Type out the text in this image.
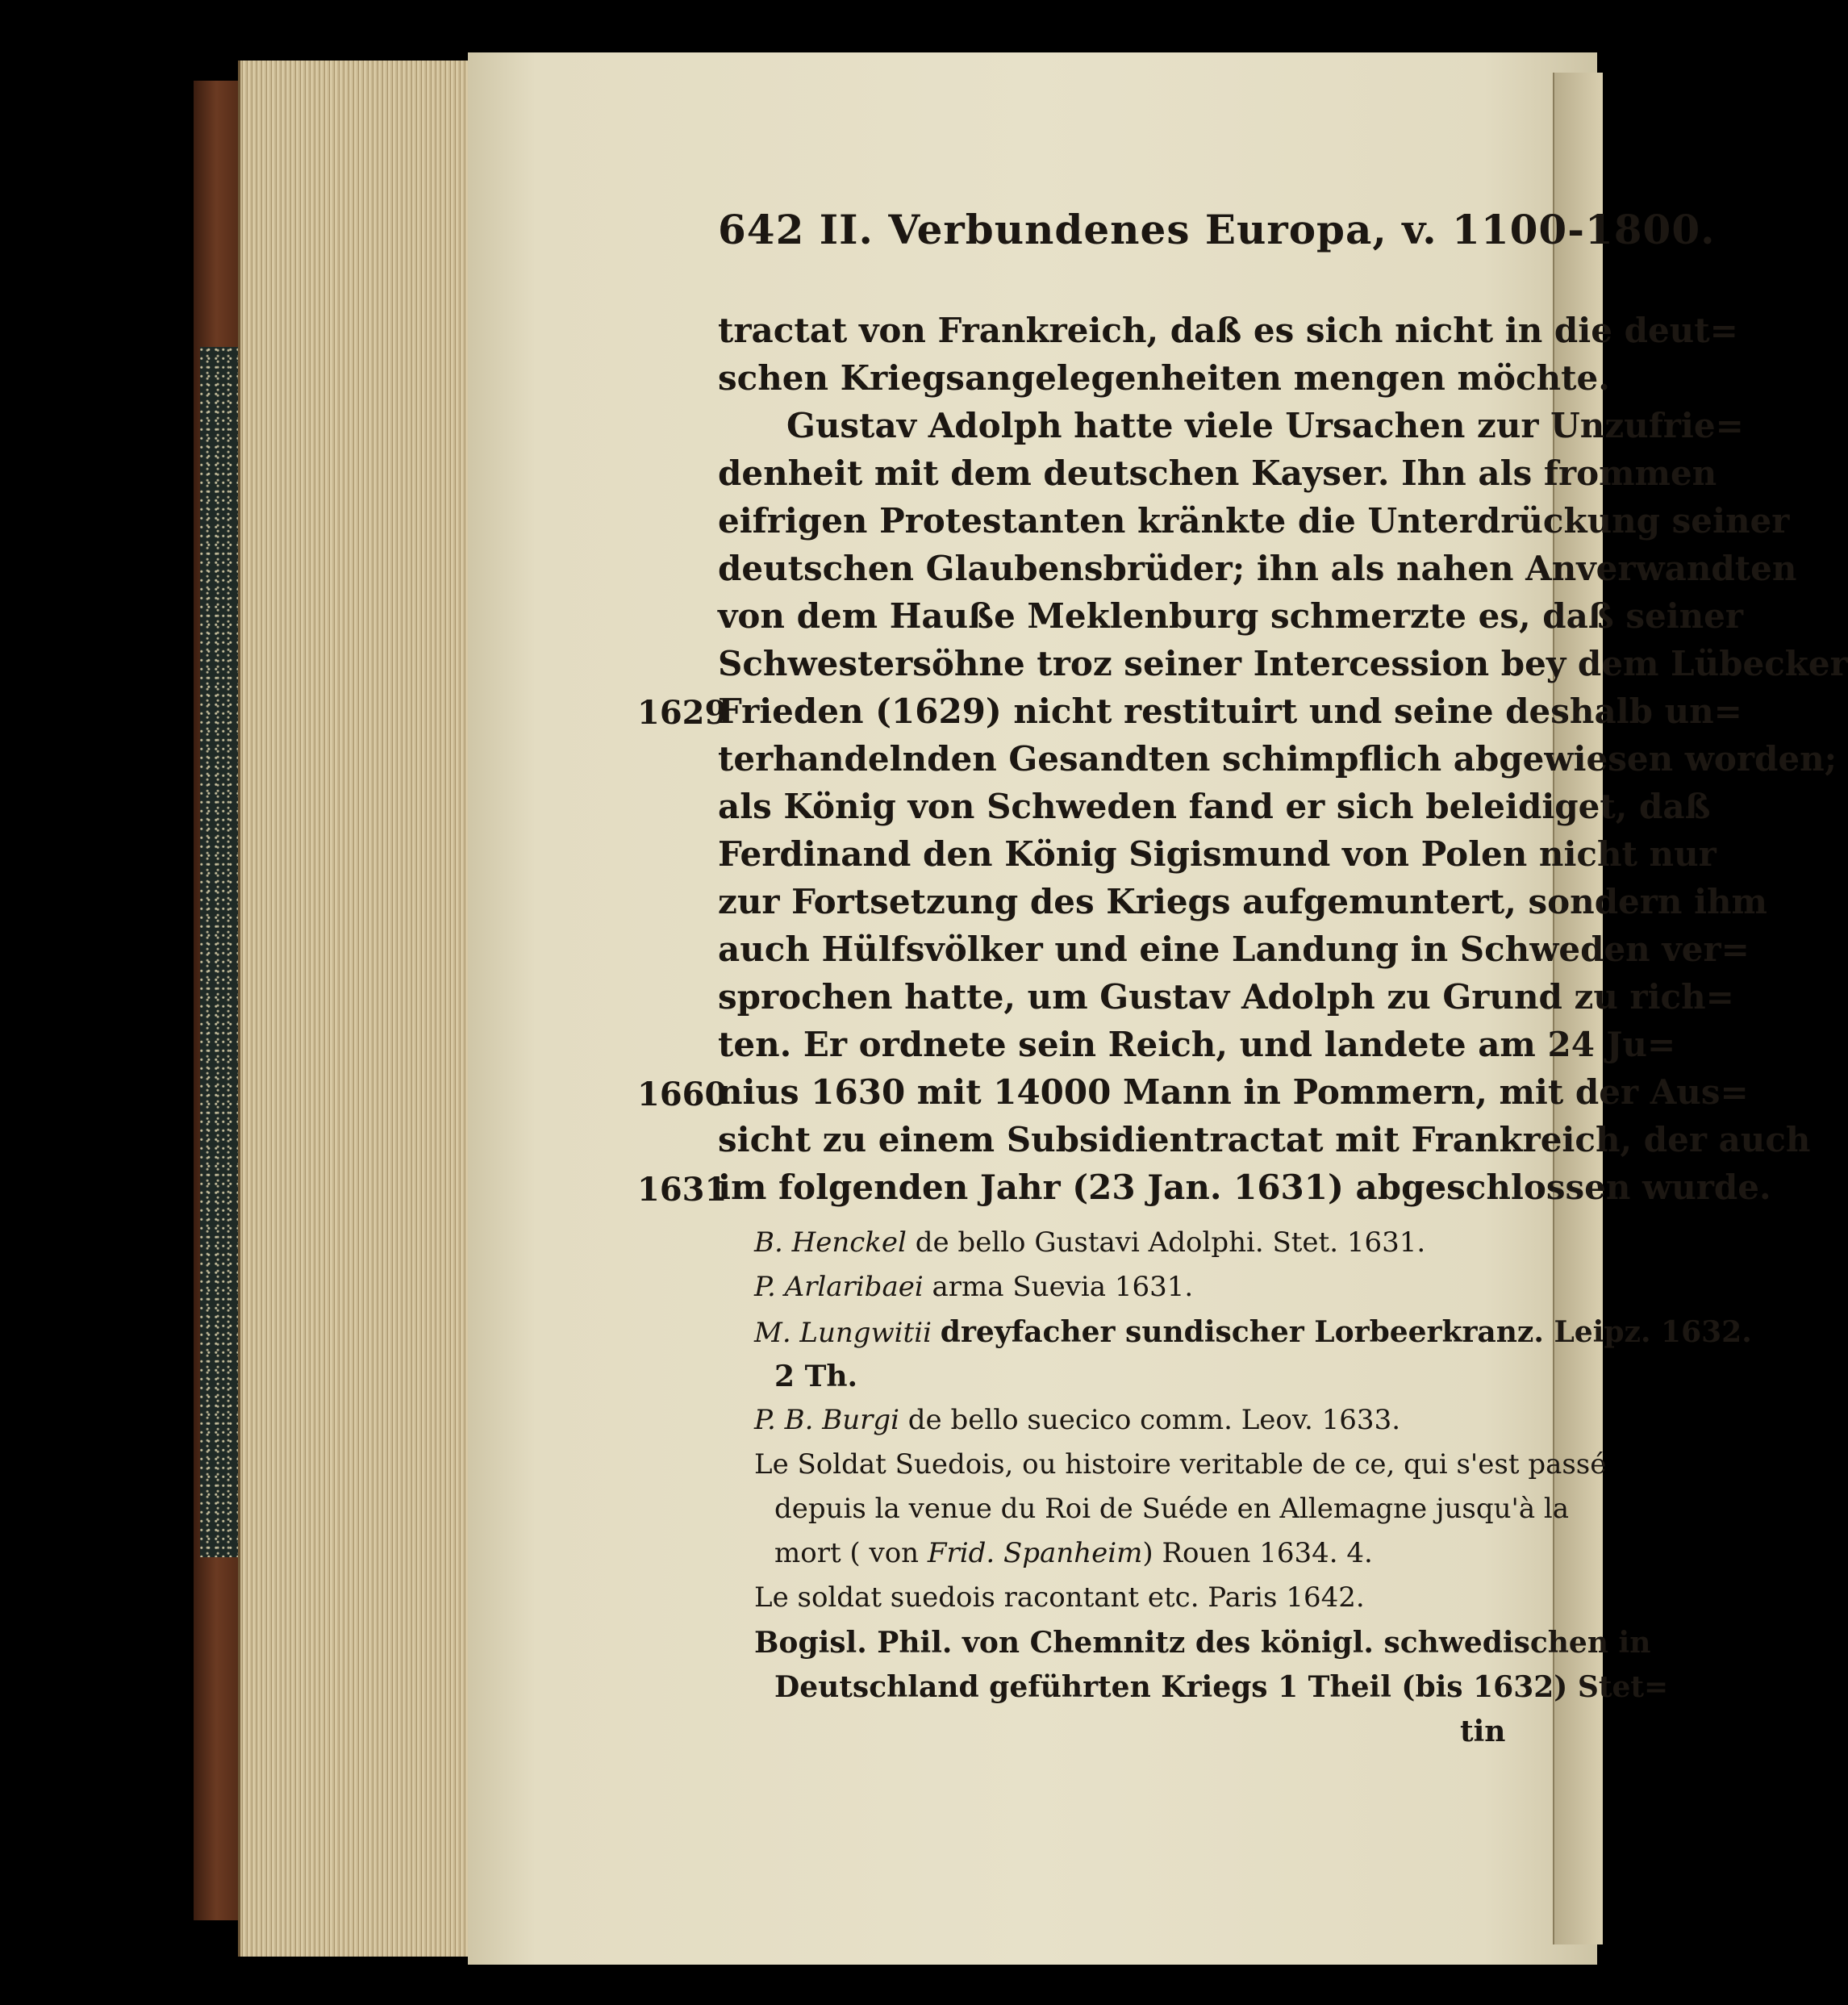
642 II. Verbundenes Europa, v. 1100-1800.
tractat von Frankreich, daß es sich nicht in die deut=
schen Kriegsangelegenheiten mengen möchte.
Gustav Adolph hatte viele Ursachen zur Unzufrie=
denheit mit dem deutschen Kayser. Ihn als frommen
eifrigen Protestanten kränkte die Unterdrückung seiner
deutschen Glaubensbrüder; ihn als nahen Anverwandten
von dem Hauße Meklenburg schmerzte es, daß seiner
Schwestersöhne troz seiner Intercession bey dem Lübecker
1629
Frieden (1629) nicht restituirt und seine deshalb un=
terhandelnden Gesandten schimpflich abgewiesen worden;
als König von Schweden fand er sich beleidiget, daß
Ferdinand den König Sigismund von Polen nicht nur
zur Fortsetzung des Kriegs aufgemuntert, sondern ihm
auch Hülfsvölker und eine Landung in Schweden ver=
sprochen hatte, um Gustav Adolph zu Grund zu rich=
ten. Er ordnete sein Reich, und landete am 24 Ju=
1660
nius 1630 mit 14000 Mann in Pommern, mit der Aus=
sicht zu einem Subsidientractat mit Frankreich, der auch
1631
im folgenden Jahr (23 Jan. 1631) abgeschlossen wurde.
B. Henckel de bello Gustavi Adolphi. Stet. 1631.
P. Arlaribaei arma Suevia 1631.
M. Lungwitii dreyfacher sundischer Lorbeerkranz. Leipz. 1632.
2 Th.
P. B. Burgi de bello suecico comm. Leov. 1633.
Le Soldat Suedois, ou histoire veritable de ce, qui s'est passé
depuis la venue du Roi de Suéde en Allemagne jusqu'à la
mort ( von Frid. Spanheim) Rouen 1634. 4.
Le soldat suedois racontant etc. Paris 1642.
Bogisl. Phil. von Chemnitz des königl. schwedischen in
Deutschland geführten Kriegs 1 Theil (bis 1632) Stet=
tin
